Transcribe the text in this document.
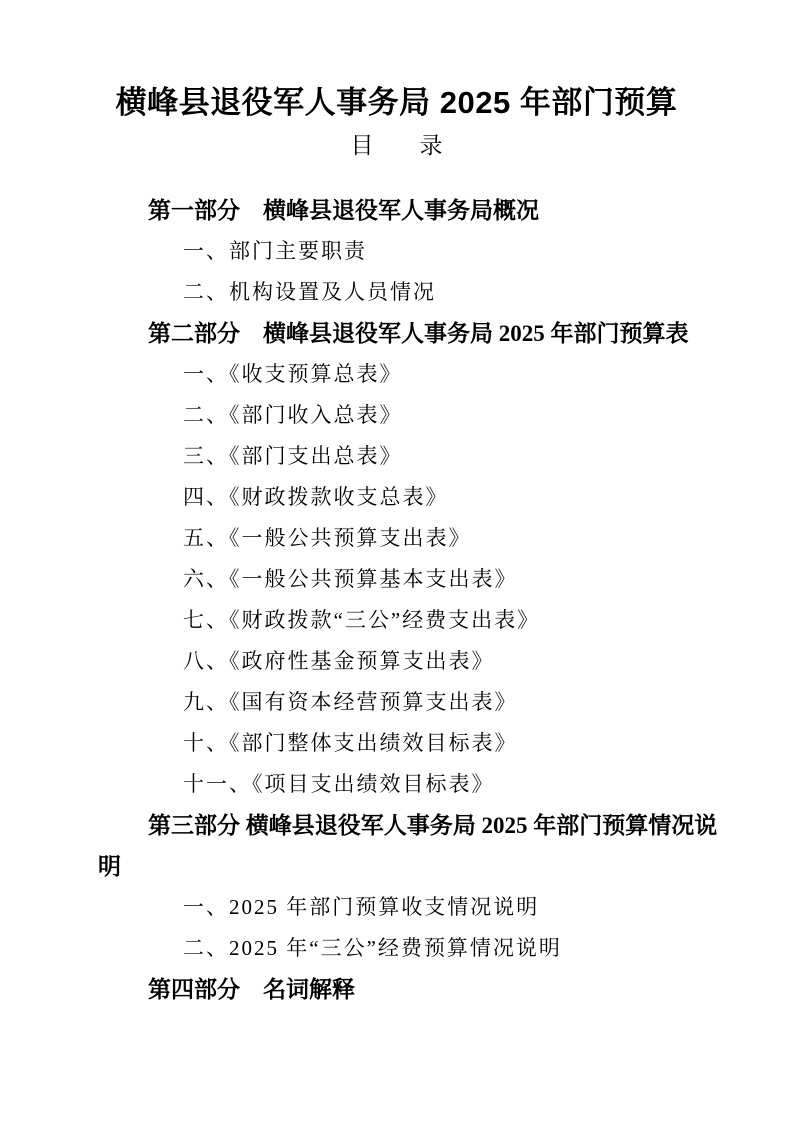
横峰县退役军人事务局 2025 年部门预算
目　　录
第一部分　横峰县退役军人事务局概况

一、部门主要职责

二、机构设置及人员情况

第二部分　横峰县退役军人事务局 2025 年部门预算表

一、《收支预算总表》

二、《部门收入总表》

三、《部门支出总表》

四、《财政拨款收支总表》

五、《一般公共预算支出表》

六、《一般公共预算基本支出表》

七、《财政拨款“三公”经费支出表》

八、《政府性基金预算支出表》

九、《国有资本经营预算支出表》

十、《部门整体支出绩效目标表》

十一、《项目支出绩效目标表》

第三部分 横峰县退役军人事务局 2025 年部门预算情况说明

一、2025 年部门预算收支情况说明

二、2025 年“三公”经费预算情况说明

第四部分　名词解释
